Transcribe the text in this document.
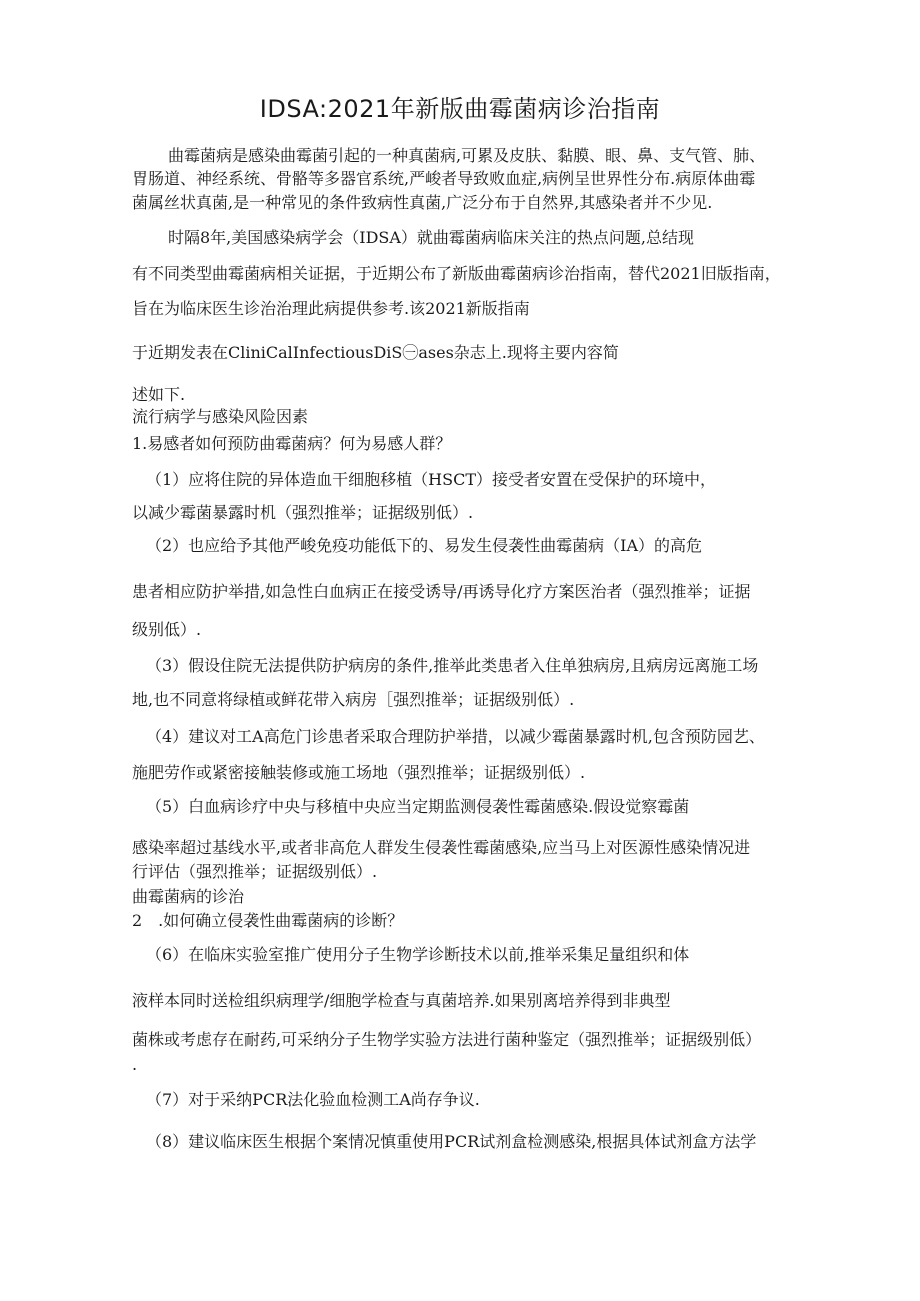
IDSA:2021年新版曲霉菌病诊治指南
曲霉菌病是感染曲霉菌引起的一种真菌病,可累及皮肤、黏膜、眼、鼻、支气管、肺、
胃肠道、神经系统、骨骼等多器官系统,严峻者导致败血症,病例呈世界性分布.病原体曲霉
菌属丝状真菌,是一种常见的条件致病性真菌,广泛分布于自然界,其感染者并不少见.
时隔8年,美国感染病学会（IDSA）就曲霉菌病临床关注的热点问题,总结现
有不同类型曲霉菌病相关证据，于近期公布了新版曲霉菌病诊治指南，替代2021旧版指南，
旨在为临床医生诊治治理此病提供参考.该2021新版指南
于近期发表在CliniCalInfectiousDiS㊀ases杂志上.现将主要内容简
述如下.
流行病学与感染风险因素
1.易感者如何预防曲霉菌病？何为易感人群？
（1）应将住院的异体造血干细胞移植（HSCT）接受者安置在受保护的环境中，
以减少霉菌暴露时机（强烈推举；证据级别低）.
（2）也应给予其他严峻免疫功能低下的、易发生侵袭性曲霉菌病（IA）的高危
患者相应防护举措,如急性白血病正在接受诱导/再诱导化疗方案医治者（强烈推举；证据
级别低）.
（3）假设住院无法提供防护病房的条件,推举此类患者入住单独病房,且病房远离施工场
地,也不同意将绿植或鲜花带入病房［强烈推举；证据级别低）.
（4）建议对工A高危门诊患者采取合理防护举措，以减少霉菌暴露时机,包含预防园艺、
施肥劳作或紧密接触装修或施工场地（强烈推举；证据级别低）.
（5）白血病诊疗中央与移植中央应当定期监测侵袭性霉菌感染.假设觉察霉菌
感染率超过基线水平,或者非高危人群发生侵袭性霉菌感染,应当马上对医源性感染情况进
行评估（强烈推举；证据级别低）.
曲霉菌病的诊治
2　.如何确立侵袭性曲霉菌病的诊断？
（6）在临床实验室推广使用分子生物学诊断技术以前,推举采集足量组织和体
液样本同时送检组织病理学/细胞学检查与真菌培养.如果别离培养得到非典型
菌株或考虑存在耐药,可采纳分子生物学实验方法进行菌种鉴定（强烈推举；证据级别低）
.
（7）对于采纳PCR法化验血检测工A尚存争议.
（8）建议临床医生根据个案情况慎重使用PCR试剂盒检测感染,根据具体试剂盒方法学
